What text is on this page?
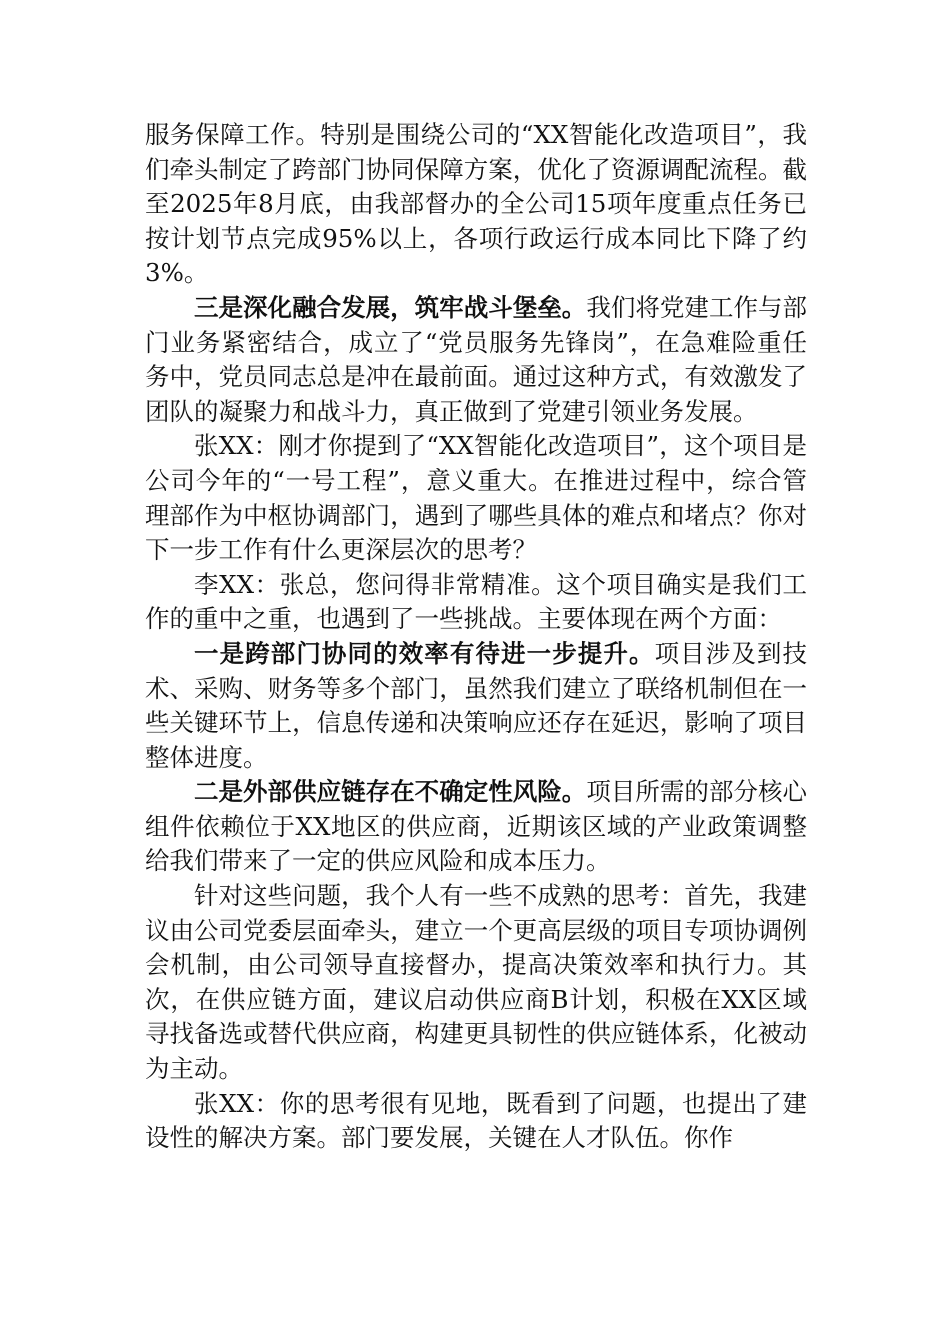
服务保障工作。特别是围绕公司的“XX智能化改造项目”，我们牵头制定了跨部门协同保障方案，优化了资源调配流程。截至2025年8月底，由我部督办的全公司15项年度重点任务已按计划节点完成95%以上，各项行政运行成本同比下降了约3%。

三是深化融合发展，筑牢战斗堡垒。我们将党建工作与部门业务紧密结合，成立了“党员服务先锋岗”，在急难险重任务中，党员同志总是冲在最前面。通过这种方式，有效激发了团队的凝聚力和战斗力，真正做到了党建引领业务发展。

张XX：刚才你提到了“XX智能化改造项目”，这个项目是公司今年的“一号工程”，意义重大。在推进过程中，综合管理部作为中枢协调部门，遇到了哪些具体的难点和堵点？你对下一步工作有什么更深层次的思考？

李XX：张总，您问得非常精准。这个项目确实是我们工作的重中之重，也遇到了一些挑战。主要体现在两个方面：

一是跨部门协同的效率有待进一步提升。项目涉及到技术、采购、财务等多个部门，虽然我们建立了联络机制但在一些关键环节上，信息传递和决策响应还存在延迟，影响了项目整体进度。

二是外部供应链存在不确定性风险。项目所需的部分核心组件依赖位于XX地区的供应商，近期该区域的产业政策调整给我们带来了一定的供应风险和成本压力。

针对这些问题，我个人有一些不成熟的思考：首先，我建议由公司党委层面牵头，建立一个更高层级的项目专项协调例会机制，由公司领导直接督办，提高决策效率和执行力。其次，在供应链方面，建议启动供应商B计划，积极在XX区域寻找备选或替代供应商，构建更具韧性的供应链体系，化被动为主动。

张XX：你的思考很有见地，既看到了问题，也提出了建设性的解决方案。部门要发展，关键在人才队伍。你作
